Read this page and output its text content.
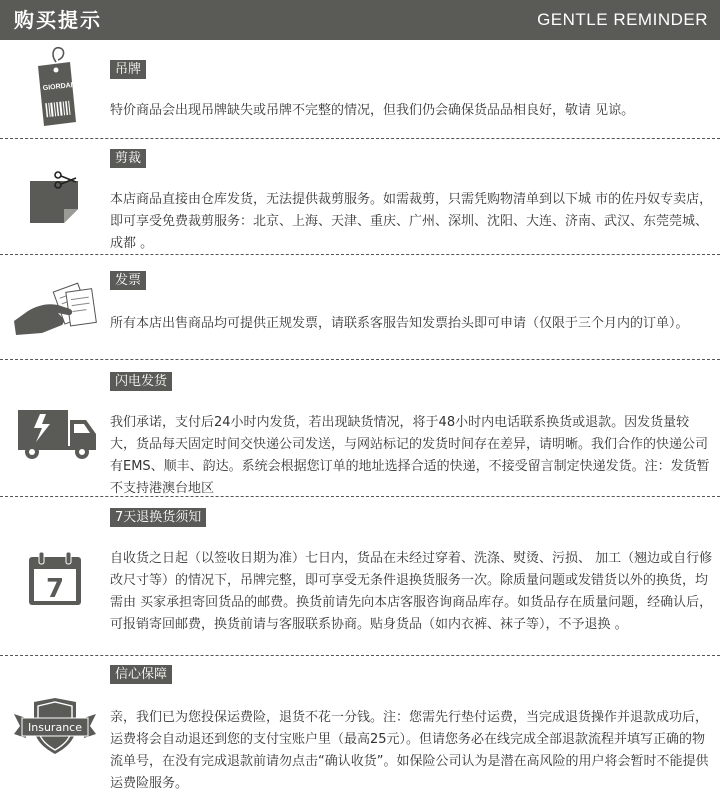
购买提示	GENTLE REMINDER
GIORDANO
吊牌
特价商品会出现吊牌缺失或吊牌不完整的情况，但我们仍会确保货品品相良好，敬请 见谅。
剪裁
本店商品直接由仓库发货，无法提供裁剪服务。如需裁剪，只需凭购物清单到以下城 市的佐丹奴专卖店，即可享受免费裁剪服务：北京、上海、天津、重庆、广州、深圳、沈阳、大连、济南、武汉、东莞莞城、成都 。
发票
所有本店出售商品均可提供正规发票，请联系客服告知发票抬头即可申请（仅限于三个月内的订单）。
闪电发货
我们承诺，支付后24小时内发货，若出现缺货情况，将于48小时内电话联系换货或退款。因发货量较大，货品每天固定时间交快递公司发送，与网站标记的发货时间存在差异，请明晰。我们合作的快递公司有EMS、顺丰、韵达。系统会根据您订单的地址选择合适的快递，不接受留言制定快递发货。注：发货暂不支持港澳台地区
7
7天退换货须知
自收货之日起（以签收日期为准）七日内，货品在未经过穿着、洗涤、熨烫、污损、 加工（翘边或自行修改尺寸等）的情况下，吊牌完整，即可享受无条件退换货服务一次。除质量问题或发错货以外的换货，均需由 买家承担寄回货品的邮费。换货前请先向本店客服咨询商品库存。如货品存在质量问题，经确认后，可报销寄回邮费，换货前请与客服联系协商。贴身货品（如内衣裤、袜子等），不予退换 。
Insurance
信心保障
亲，我们已为您投保运费险，退货不花一分钱。注：您需先行垫付运费，当完成退货操作并退款成功后，运费将会自动退还到您的支付宝账户里（最高25元）。但请您务必在线完成全部退款流程并填写正确的物流单号，在没有完成退款前请勿点击“确认收货”。如保险公司认为是潜在高风险的用户将会暂时不能提供运费险服务。
